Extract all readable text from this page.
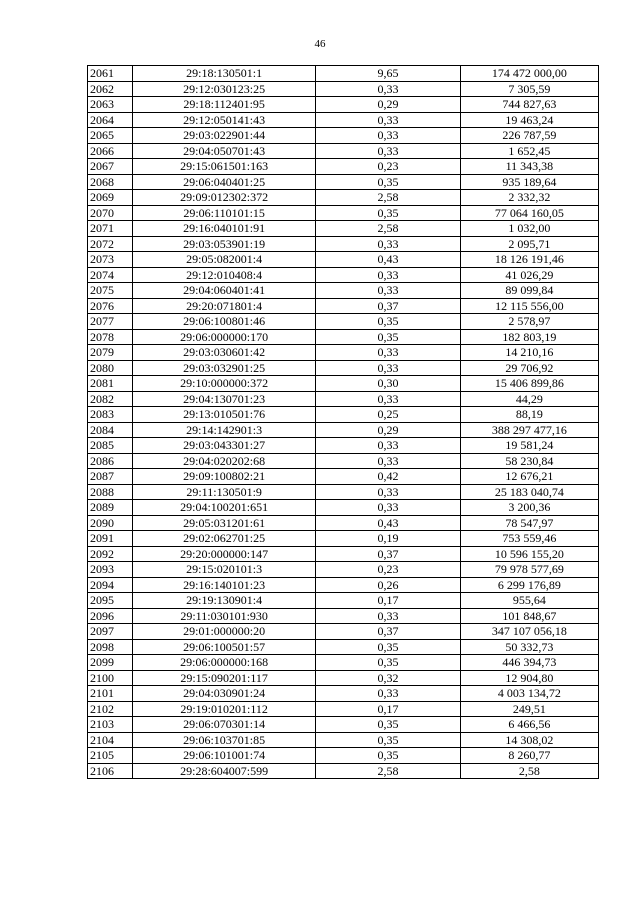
46
2061	29:18:130501:1	9,65	174 472 000,00
2062	29:12:030123:25	0,33	7 305,59
2063	29:18:112401:95	0,29	744 827,63
2064	29:12:050141:43	0,33	19 463,24
2065	29:03:022901:44	0,33	226 787,59
2066	29:04:050701:43	0,33	1 652,45
2067	29:15:061501:163	0,23	11 343,38
2068	29:06:040401:25	0,35	935 189,64
2069	29:09:012302:372	2,58	2 332,32
2070	29:06:110101:15	0,35	77 064 160,05
2071	29:16:040101:91	2,58	1 032,00
2072	29:03:053901:19	0,33	2 095,71
2073	29:05:082001:4	0,43	18 126 191,46
2074	29:12:010408:4	0,33	41 026,29
2075	29:04:060401:41	0,33	89 099,84
2076	29:20:071801:4	0,37	12 115 556,00
2077	29:06:100801:46	0,35	2 578,97
2078	29:06:000000:170	0,35	182 803,19
2079	29:03:030601:42	0,33	14 210,16
2080	29:03:032901:25	0,33	29 706,92
2081	29:10:000000:372	0,30	15 406 899,86
2082	29:04:130701:23	0,33	44,29
2083	29:13:010501:76	0,25	88,19
2084	29:14:142901:3	0,29	388 297 477,16
2085	29:03:043301:27	0,33	19 581,24
2086	29:04:020202:68	0,33	58 230,84
2087	29:09:100802:21	0,42	12 676,21
2088	29:11:130501:9	0,33	25 183 040,74
2089	29:04:100201:651	0,33	3 200,36
2090	29:05:031201:61	0,43	78 547,97
2091	29:02:062701:25	0,19	753 559,46
2092	29:20:000000:147	0,37	10 596 155,20
2093	29:15:020101:3	0,23	79 978 577,69
2094	29:16:140101:23	0,26	6 299 176,89
2095	29:19:130901:4	0,17	955,64
2096	29:11:030101:930	0,33	101 848,67
2097	29:01:000000:20	0,37	347 107 056,18
2098	29:06:100501:57	0,35	50 332,73
2099	29:06:000000:168	0,35	446 394,73
2100	29:15:090201:117	0,32	12 904,80
2101	29:04:030901:24	0,33	4 003 134,72
2102	29:19:010201:112	0,17	249,51
2103	29:06:070301:14	0,35	6 466,56
2104	29:06:103701:85	0,35	14 308,02
2105	29:06:101001:74	0,35	8 260,77
2106	29:28:604007:599	2,58	2,58
